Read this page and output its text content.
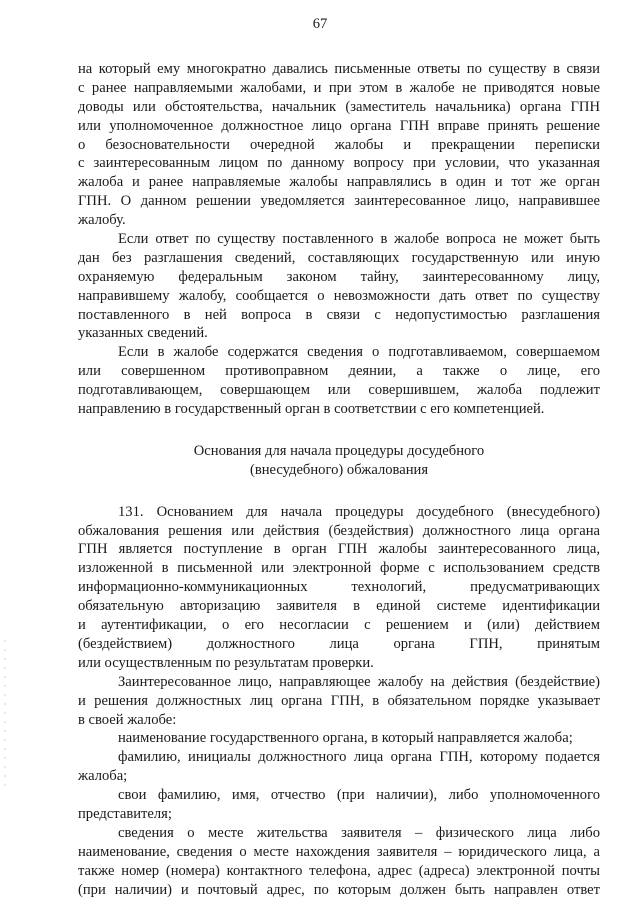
67
на который ему многократно давались письменные ответы по существу в связи
с ранее направляемыми жалобами, и при этом в жалобе не приводятся новые
доводы или обстоятельства, начальник (заместитель начальника) органа ГПН
или уполномоченное должностное лицо органа ГПН вправе принять решение
о безосновательности очередной жалобы и прекращении переписки
с заинтересованным лицом по данному вопросу при условии, что указанная
жалоба и ранее направляемые жалобы направлялись в один и тот же орган
ГПН. О данном решении уведомляется заинтересованное лицо, направившее
жалобу.
Если ответ по существу поставленного в жалобе вопроса не может быть
дан без разглашения сведений, составляющих государственную или иную
охраняемую федеральным законом тайну, заинтересованному лицу,
направившему жалобу, сообщается о невозможности дать ответ по существу
поставленного в ней вопроса в связи с недопустимостью разглашения
указанных сведений.
Если в жалобе содержатся сведения о подготавливаемом, совершаемом
или совершенном противоправном деянии, а также о лице, его
подготавливающем, совершающем или совершившем, жалоба подлежит
направлению в государственный орган в соответствии с его компетенцией.
Основания для начала процедуры досудебного
(внесудебного) обжалования
131. Основанием для начала процедуры досудебного (внесудебного)
обжалования решения или действия (бездействия) должностного лица органа
ГПН является поступление в орган ГПН жалобы заинтересованного лица,
изложенной в письменной или электронной форме с использованием средств
информационно-коммуникационных технологий, предусматривающих
обязательную авторизацию заявителя в единой системе идентификации
и аутентификации, о его несогласии с решением и (или) действием
(бездействием) должностного лица органа ГПН, принятым
или осуществленным по результатам проверки.
Заинтересованное лицо, направляющее жалобу на действия (бездействие)
и решения должностных лиц органа ГПН, в обязательном порядке указывает
в своей жалобе:
наименование государственного органа, в который направляется жалоба;
фамилию, инициалы должностного лица органа ГПН, которому подается
жалоба;
свои фамилию, имя, отчество (при наличии), либо уполномоченного
представителя;
сведения о месте жительства заявителя – физического лица либо
наименование, сведения о месте нахождения заявителя – юридического лица, а
также номер (номера) контактного телефона, адрес (адреса) электронной почты
(при наличии) и почтовый адрес, по которым должен быть направлен ответ
